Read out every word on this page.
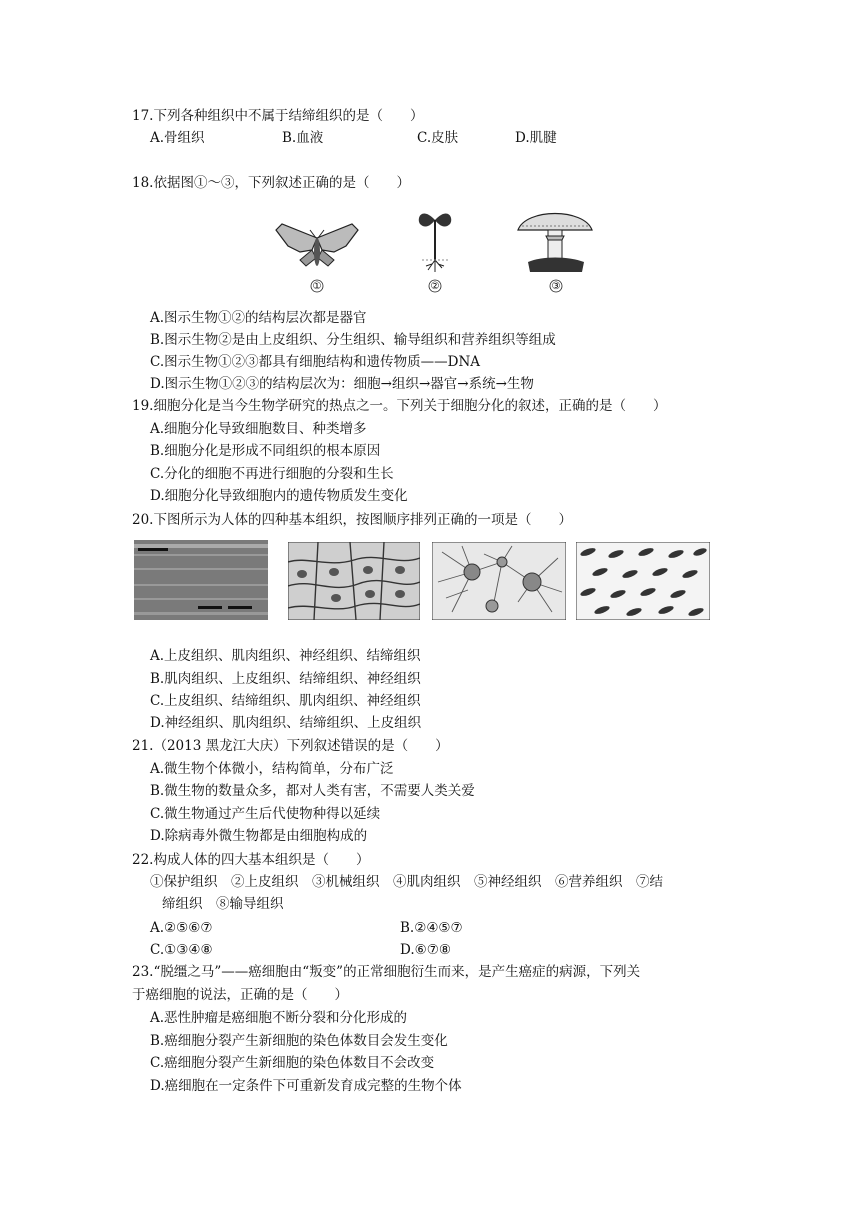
17.下列各种组织中不属于结缔组织的是（　　）
A.骨组织	B.血液	C.皮肤	D.肌腱
18.依据图①～③，下列叙述正确的是（　　）
①	②	③
A.图示生物①②的结构层次都是器官
B.图示生物②是由上皮组织、分生组织、输导组织和营养组织等组成
C.图示生物①②③都具有细胞结构和遗传物质——DNA
D.图示生物①②③的结构层次为：细胞→组织→器官→系统→生物
19.细胞分化是当今生物学研究的热点之一。下列关于细胞分化的叙述，正确的是（　　）
A.细胞分化导致细胞数目、种类增多
B.细胞分化是形成不同组织的根本原因
C.分化的细胞不再进行细胞的分裂和生长
D.细胞分化导致细胞内的遗传物质发生变化
20.下图所示为人体的四种基本组织，按图顺序排列正确的一项是（　　）
A.上皮组织、肌肉组织、神经组织、结缔组织
B.肌肉组织、上皮组织、结缔组织、神经组织
C.上皮组织、结缔组织、肌肉组织、神经组织
D.神经组织、肌肉组织、结缔组织、上皮组织
21.（2013 黑龙江大庆）下列叙述错误的是（　　）
A.微生物个体微小，结构简单，分布广泛
B.微生物的数量众多，都对人类有害，不需要人类关爱
C.微生物通过产生后代使物种得以延续
D.除病毒外微生物都是由细胞构成的
22.构成人体的四大基本组织是（　　）
①保护组织　②上皮组织　③机械组织　④肌肉组织　⑤神经组织　⑥营养组织　⑦结
缔组织　⑧输导组织
A.②⑤⑥⑦	B.②④⑤⑦
C.①③④⑧	D.⑥⑦⑧
23.“脱缰之马”——癌细胞由“叛变”的正常细胞衍生而来，是产生癌症的病源，下列关
于癌细胞的说法，正确的是（　　）
A.恶性肿瘤是癌细胞不断分裂和分化形成的
B.癌细胞分裂产生新细胞的染色体数目会发生变化
C.癌细胞分裂产生新细胞的染色体数目不会改变
D.癌细胞在一定条件下可重新发育成完整的生物个体
